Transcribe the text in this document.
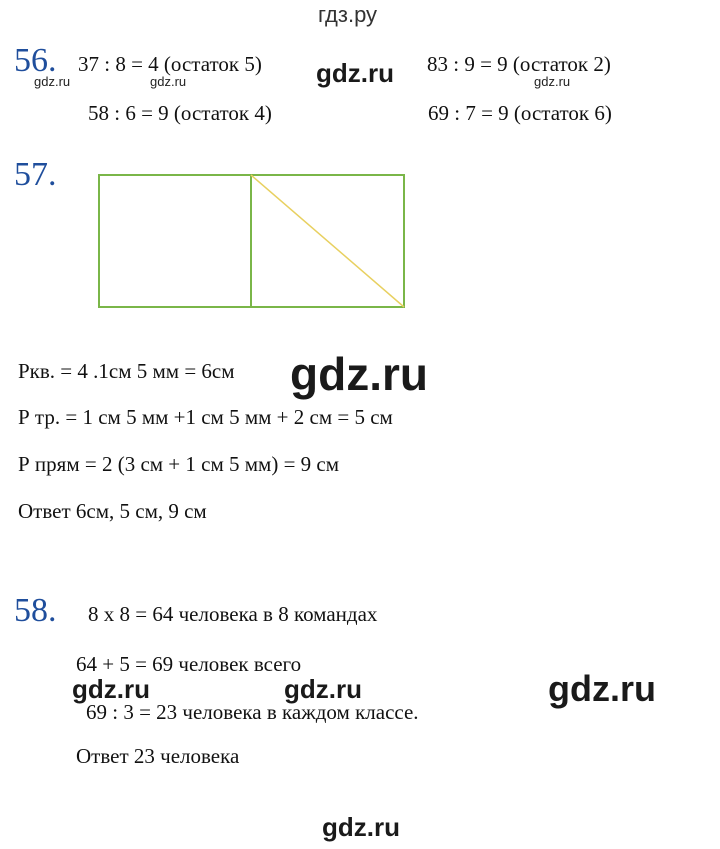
гдз.ру
56. 37 : 8 = 4 (остаток 5)	83 : 9 = 9 (остаток 2)
58 : 6 = 9 (остаток 4)	69 : 7 = 9 (остаток 6)
gdz.ru	gdz.ru	gdz.ru	gdz.ru
57.
Ркв. = 4 .1см 5 мм = 6см gdz.ru
Р тр. = 1 см 5 мм +1 см 5 мм + 2 см = 5 см
Р прям = 2 (3 см + 1 см 5 мм) = 9 см
Ответ 6см, 5 см, 9 см
58. 8 х 8 = 64 человека в 8 командах
64 + 5 = 69 человек всего
gdz.ru	gdz.ru	gdz.ru
69 : 3 = 23 человека в каждом классе.
Ответ 23 человека
gdz.ru
